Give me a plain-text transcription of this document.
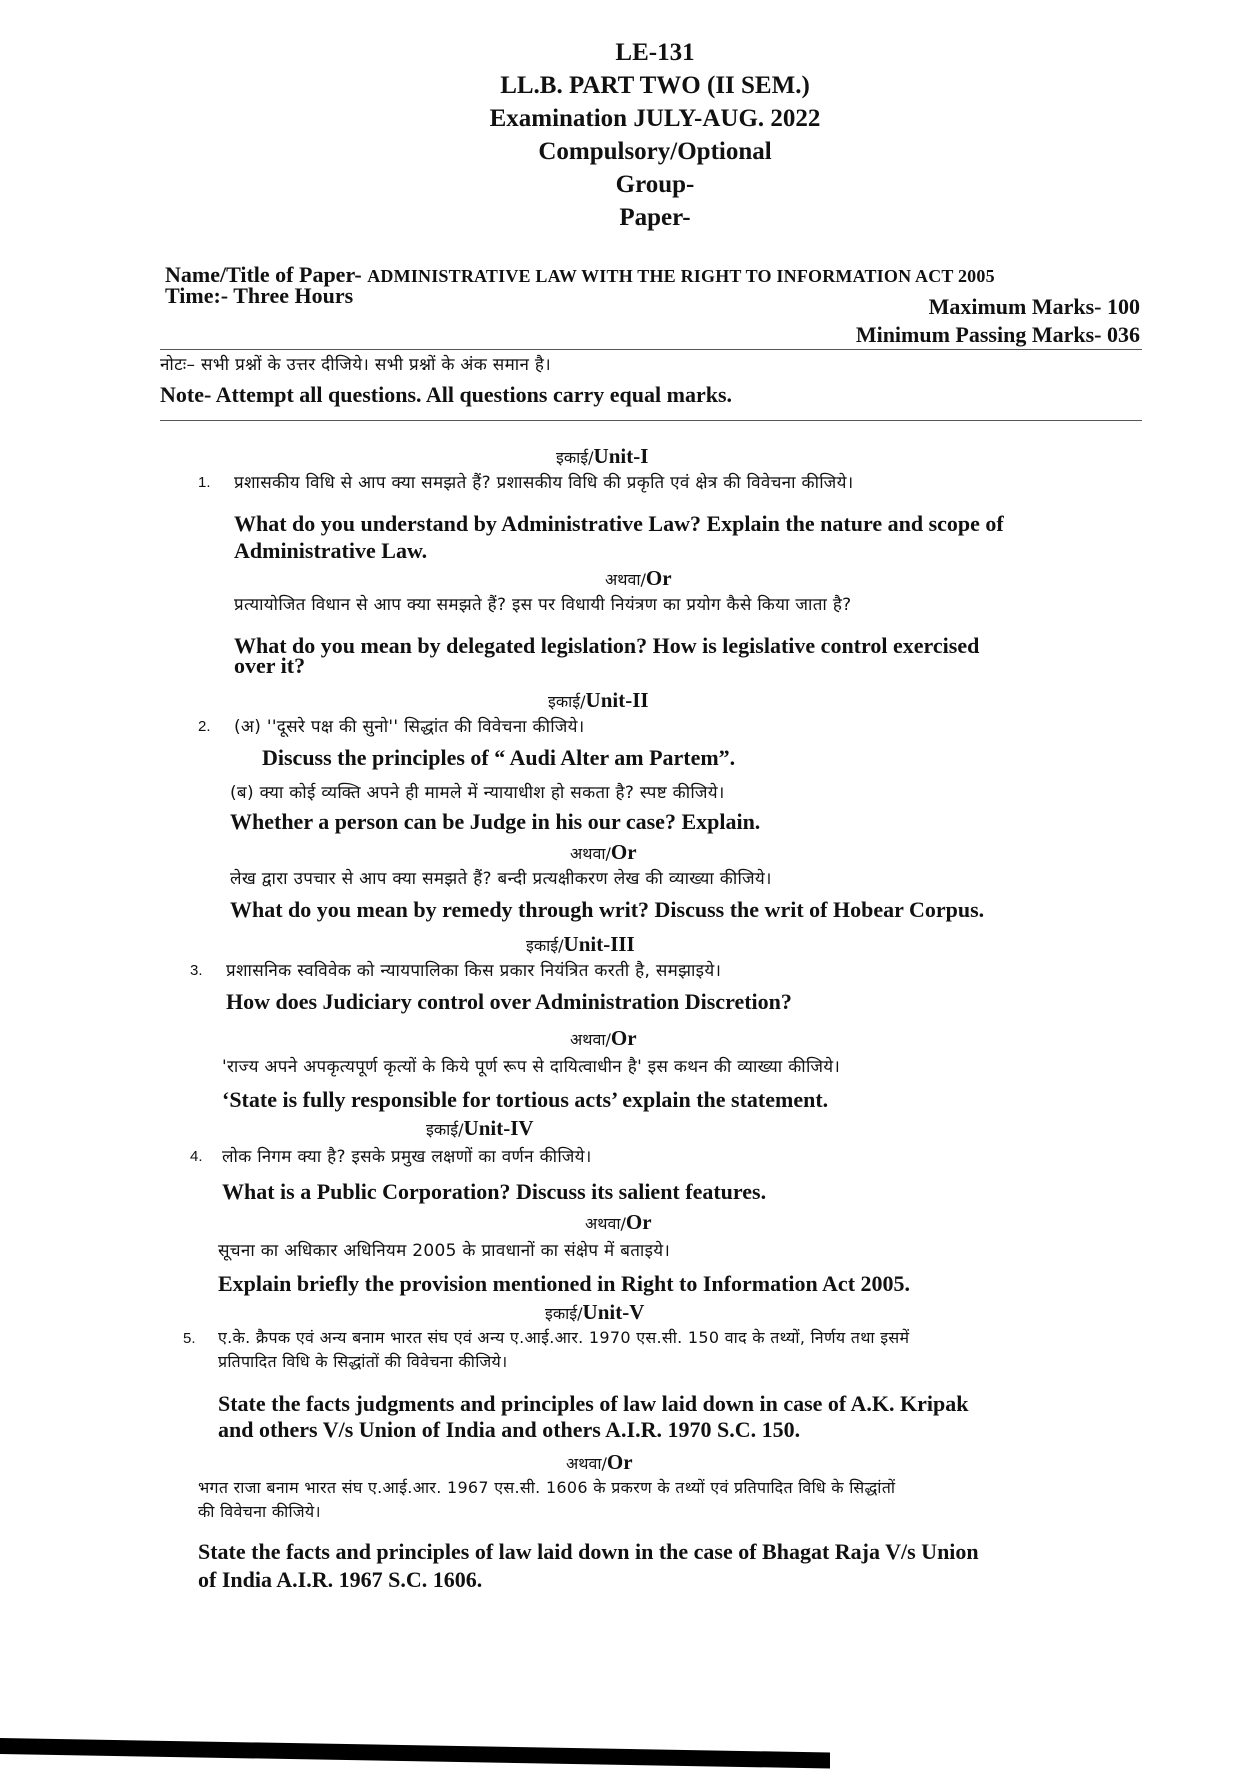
LE-131
LL.B. PART TWO (II SEM.)
Examination JULY-AUG. 2022
Compulsory/Optional
Group-
Paper-
Name/Title of Paper- ADMINISTRATIVE LAW WITH THE RIGHT TO INFORMATION ACT 2005
Time:- Three Hours	Maximum Marks- 100
Minimum Passing Marks- 036
नोटः– सभी प्रश्नों के उत्तर दीजिये। सभी प्रश्नों के अंक समान है।
Note- Attempt all questions. All questions carry equal marks.
इकाई/Unit-I
1. प्रशासकीय विधि से आप क्या समझते हैं? प्रशासकीय विधि की प्रकृति एवं क्षेत्र की विवेचना कीजिये।
What do you understand by Administrative Law? Explain the nature and scope of
Administrative Law.
अथवा/Or
प्रत्यायोजित विधान से आप क्या समझते हैं? इस पर विधायी नियंत्रण का प्रयोग कैसे किया जाता है?
What do you mean by delegated legislation? How is legislative control exercised
over it?
इकाई/Unit-II
2. (अ) ''दूसरे पक्ष की सुनो'' सिद्धांत की विवेचना कीजिये।
Discuss the principles of “ Audi Alter am Partem”.
(ब) क्या कोई व्यक्ति अपने ही मामले में न्यायाधीश हो सकता है? स्पष्ट कीजिये।
Whether a person can be Judge in his our case? Explain.
अथवा/Or
लेख द्वारा उपचार से आप क्या समझते हैं? बन्दी प्रत्यक्षीकरण लेख की व्याख्या कीजिये।
What do you mean by remedy through writ? Discuss the writ of Hobear Corpus.
इकाई/Unit-III
3. प्रशासनिक स्वविवेक को न्यायपालिका किस प्रकार नियंत्रित करती है, समझाइये।
How does Judiciary control over Administration Discretion?
अथवा/Or
'राज्य अपने अपकृत्यपूर्ण कृत्यों के किये पूर्ण रूप से दायित्वाधीन है' इस कथन की व्याख्या कीजिये।
‘State is fully responsible for tortious acts’ explain the statement.
इकाई/Unit-IV
4. लोक निगम क्या है? इसके प्रमुख लक्षणों का वर्णन कीजिये।
What is a Public Corporation? Discuss its salient features.
अथवा/Or
सूचना का अधिकार अधिनियम 2005 के प्रावधानों का संक्षेप में बताइये।
Explain briefly the provision mentioned in Right to Information Act 2005.
इकाई/Unit-V
5. ए.के. क्रैपक एवं अन्य बनाम भारत संघ एवं अन्य ए.आई.आर. 1970 एस.सी. 150 वाद के तथ्यों, निर्णय तथा इसमें
प्रतिपादित विधि के सिद्धांतों की विवेचना कीजिये।
State the facts judgments and principles of law laid down in case of A.K. Kripak
and others V/s Union of India and others A.I.R. 1970 S.C. 150.
अथवा/Or
भगत राजा बनाम भारत संघ ए.आई.आर. 1967 एस.सी. 1606 के प्रकरण के तथ्यों एवं प्रतिपादित विधि के सिद्धांतों
की विवेचना कीजिये।
State the facts and principles of law laid down in the case of Bhagat Raja V/s Union
of India A.I.R. 1967 S.C. 1606.
